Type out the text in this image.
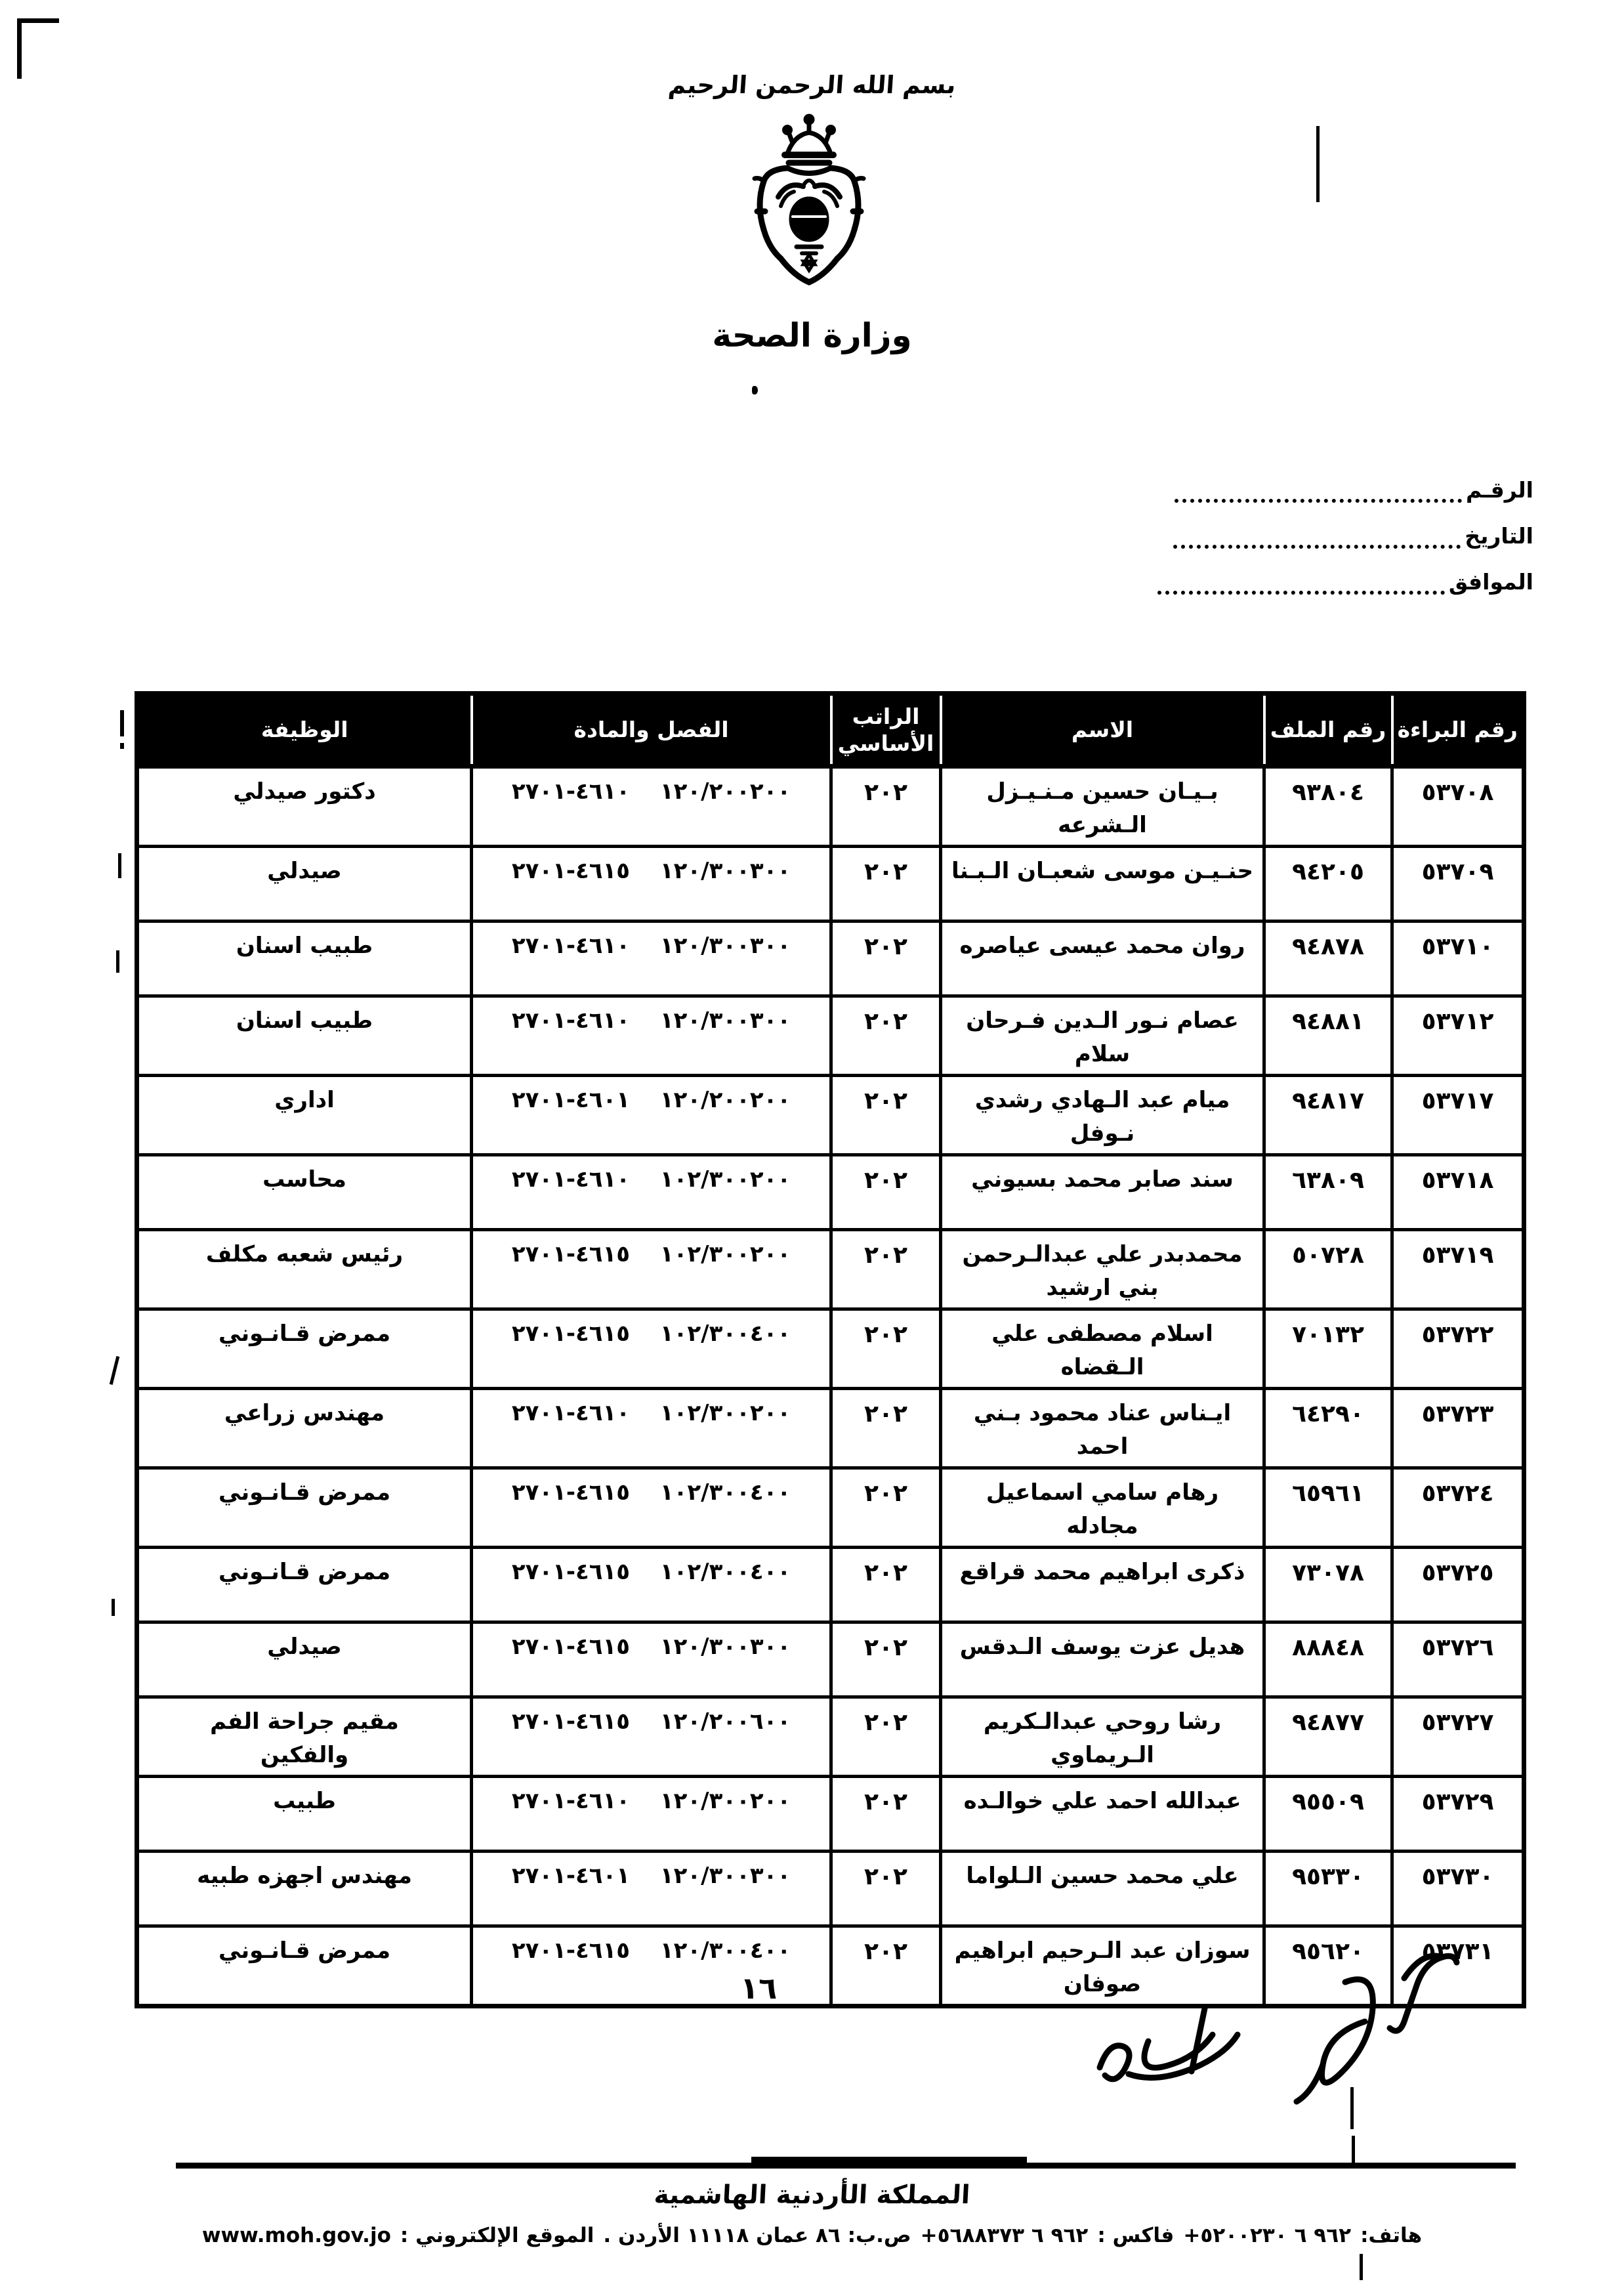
بسم الله الرحمن الرحيم
وزارة الصحة
الرقـم
التاريخ
الموافق
رقم البراءة	رقم الملف	الاسم	الراتب الأساسي	الفصل والمادة	الوظيفة
٥٣٧٠٨	٩٣٨٠٤	بـيـان حسين مـنـيـزل الـشرعه	٢٠٢	١٢٠/٢٠٠٢٠٠ ٤٦١٠-٢٧٠١	دكتور صيدلي
٥٣٧٠٩	٩٤٢٠٥	حنـيـن موسى شعبـان الـبـنا	٢٠٢	١٢٠/٣٠٠٣٠٠ ٤٦١٥-٢٧٠١	صيدلي
٥٣٧١٠	٩٤٨٧٨	روان محمد عيسى عياصره	٢٠٢	١٢٠/٣٠٠٣٠٠ ٤٦١٠-٢٧٠١	طبيب اسنان
٥٣٧١٢	٩٤٨٨١	عصام نـور الـدين فـرحان سلام	٢٠٢	١٢٠/٣٠٠٣٠٠ ٤٦١٠-٢٧٠١	طبيب اسنان
٥٣٧١٧	٩٤٨١٧	ميام عبد الـهادي رشدي نـوفل	٢٠٢	١٢٠/٢٠٠٢٠٠ ٤٦٠١-٢٧٠١	اداري
٥٣٧١٨	٦٣٨٠٩	سند صابر محمد بسيوني	٢٠٢	١٠٢/٣٠٠٢٠٠ ٤٦١٠-٢٧٠١	محاسب
٥٣٧١٩	٥٠٧٢٨	محمدبدر علي عبدالـرحمن بني ارشيد	٢٠٢	١٠٢/٣٠٠٢٠٠ ٤٦١٥-٢٧٠١	رئيس شعبه مكلف
٥٣٧٢٢	٧٠١٣٢	اسلام مصطفى علي الـقضاه	٢٠٢	١٠٢/٣٠٠٤٠٠ ٤٦١٥-٢٧٠١	ممرض قـانـوني
٥٣٧٢٣	٦٤٢٩٠	ايـناس عناد محمود بـني احمد	٢٠٢	١٠٢/٣٠٠٢٠٠ ٤٦١٠-٢٧٠١	مهندس زراعي
٥٣٧٢٤	٦٥٩٦١	رهام سامي اسماعيل مجادله	٢٠٢	١٠٢/٣٠٠٤٠٠ ٤٦١٥-٢٧٠١	ممرض قـانـوني
٥٣٧٢٥	٧٣٠٧٨	ذكرى ابراهيم محمد قراقع	٢٠٢	١٠٢/٣٠٠٤٠٠ ٤٦١٥-٢٧٠١	ممرض قـانـوني
٥٣٧٢٦	٨٨٨٤٨	هديل عزت يوسف الـدقس	٢٠٢	١٢٠/٣٠٠٣٠٠ ٤٦١٥-٢٧٠١	صيدلي
٥٣٧٢٧	٩٤٨٧٧	رشا روحي عبدالـكريم الـريماوي	٢٠٢	١٢٠/٢٠٠٦٠٠ ٤٦١٥-٢٧٠١	مقيم جراحة الفم والفكين
٥٣٧٢٩	٩٥٥٠٩	عبدالله احمد علي خوالـده	٢٠٢	١٢٠/٣٠٠٢٠٠ ٤٦١٠-٢٧٠١	طبيب
٥٣٧٣٠	٩٥٣٣٠	علي محمد حسين الـلواما	٢٠٢	١٢٠/٣٠٠٣٠٠ ٤٦٠١-٢٧٠١	مهندس اجهزه طبيه
٥٣٧٣١	٩٥٦٢٠	سوزان عبد الـرحيم ابراهيم صوفان	٢٠٢	١٢٠/٣٠٠٤٠٠ ٤٦١٥-٢٧٠١	ممرض قـانـوني
١٦
المملكة الأردنية الهاشمية
هاتف:+٩٦٢ ٦ ٥٢٠٠٢٣٠فاكس :+٩٦٢ ٦ ٥٦٨٨٣٧٣ص.ب: ٨٦ عمان ١١١١٨ الأردن .الموقع الإلكتروني :www.moh.gov.jo
